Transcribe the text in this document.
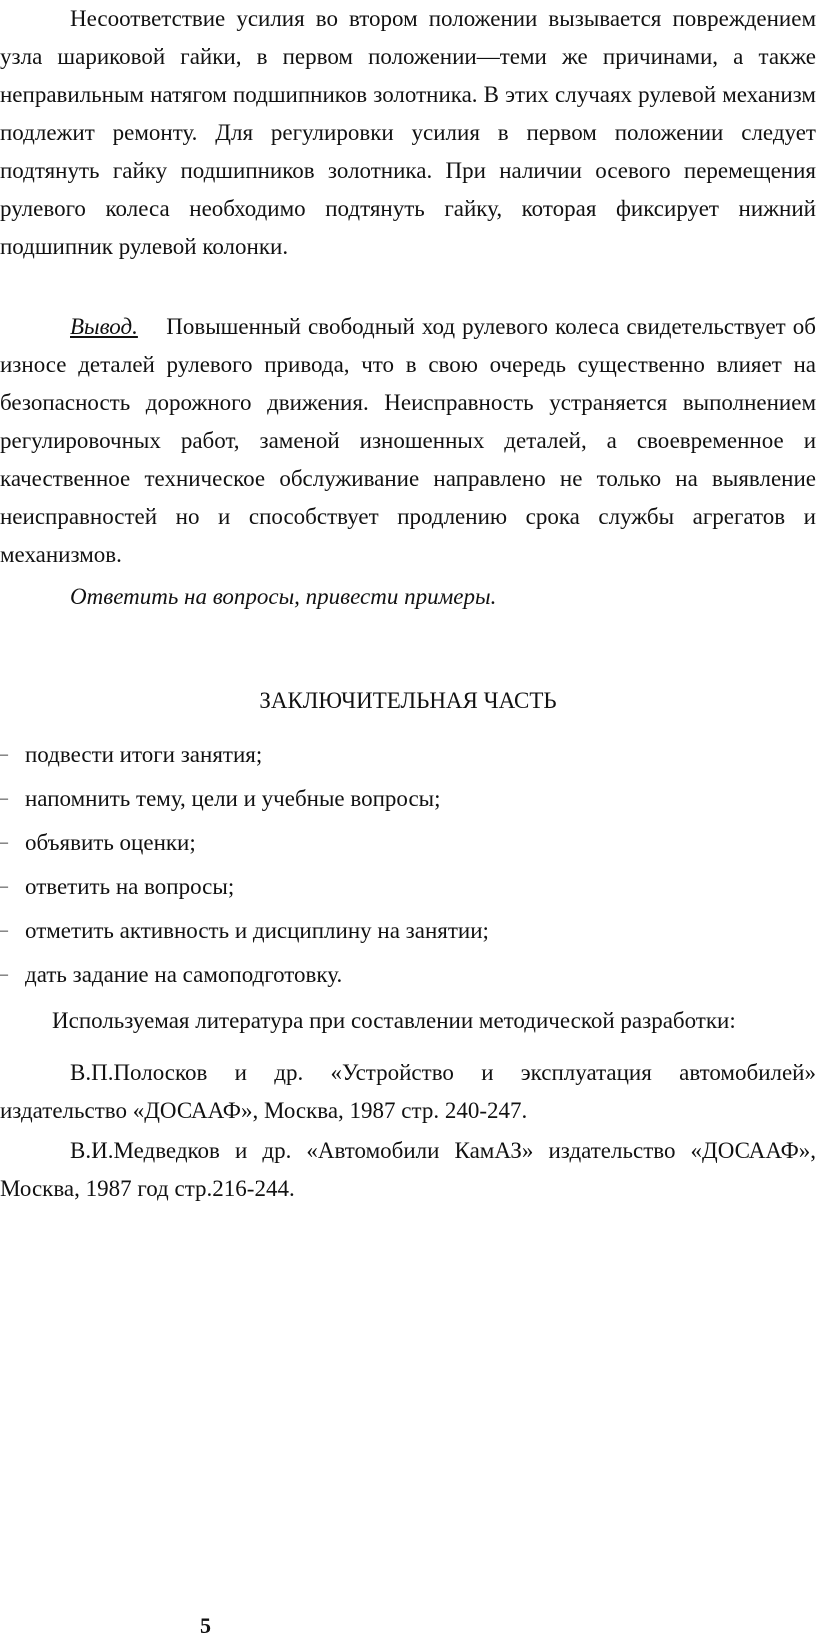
Несоответствие усилия во втором положении вызывается повреждением узла шариковой гайки, в первом положении—теми же причинами, а также неправильным натягом подшипников золотника. В этих случаях рулевой механизм подлежит ремонту. Для регулировки усилия в первом положении следует подтянуть гайку подшипников золотника. При наличии осевого перемещения рулевого колеса необходимо подтянуть гайку, которая фиксирует нижний подшипник рулевой колонки.

Вывод. Повышенный свободный ход рулевого колеса свидетельствует об износе деталей рулевого привода, что в свою очередь существенно влияет на безопасность дорожного движения. Неисправность устраняется выполнением регулировочных работ, заменой изношенных деталей, а своевременное и качественное техническое обслуживание направлено не только на выявление неисправностей но и способствует продлению срока службы агрегатов и механизмов.

Ответить на вопросы, привести примеры.

ЗАКЛЮЧИТЕЛЬНАЯ ЧАСТЬ
– подвести итоги занятия;
– напомнить тему, цели и учебные вопросы;
– объявить оценки;
– ответить на вопросы;
– отметить активность и дисциплину на занятии;
– дать задание на самоподготовку.

Используемая литература при составлении методической разработки:

В.П.Полосков и др. «Устройство и эксплуатация автомобилей» издательство «ДОСААФ», Москва, 1987 стр. 240-247.

В.И.Медведков и др. «Автомобили КамАЗ» издательство «ДОСААФ», Москва, 1987 год стр.216-244.

5
